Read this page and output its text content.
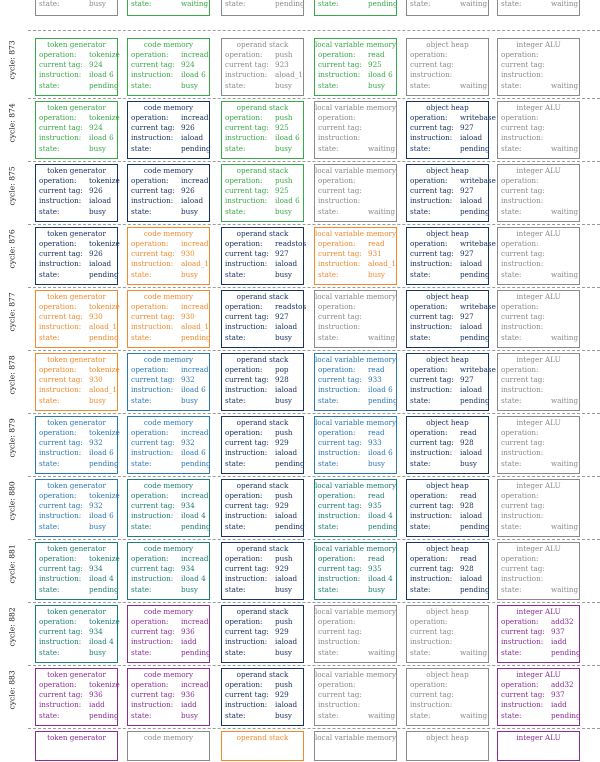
state:	busy	state:	waiting state:	pending state:	pending state:	waiting state:	waiting
cycle: 873	token generator
operation: tokenize
current tag: 924
instruction: iload 6
state:	pending
code memory
operation: incread
current tag: 924
instruction: iload 6
state:	busy
operand stack
operation: push
current tag: 923
instruction: aload_1
state:	busy
local variable memory
operation: read
current tag: 925
instruction: iload 6
state:	busy
object heap
operation:
current tag:
instruction:
state:	waiting
integer ALU
operation:
current tag:
instruction:
state:	waiting
cycle: 874	token generator
operation: tokenize
current tag: 924
instruction: iload 6
state:	busy
code memory
operation: incread
current tag: 926
instruction: iaload
state:	pending
operand stack
operation: push
current tag: 925
instruction: iload 6
state:	busy
local variable memory
operation:
current tag:
instruction:
state:	waiting
object heap
operation: writebase
current tag: 927
instruction: iaload
state:	pending
integer ALU
operation:
current tag:
instruction:
state:	waiting
cycle: 875	token generator
operation: tokenize
current tag: 926
instruction: iaload
state:	busy
code memory
operation: incread
current tag: 926
instruction: iaload
state:	busy
operand stack
operation: push
current tag: 925
instruction: iload 6
state:	busy
local variable memory
operation:
current tag:
instruction:
state:	waiting
object heap
operation: writebase
current tag: 927
instruction: iaload
state:	pending
integer ALU
operation:
current tag:
instruction:
state:	waiting
cycle: 876	token generator
operation: tokenize
current tag: 926
instruction: iaload
state:	pending
code memory
operation: incread
current tag: 930
instruction: aload_1
state:	busy
operand stack
operation: readstos
current tag: 927
instruction: iaload
state:	busy
local variable memory
operation: read
current tag: 931
instruction: aload_1
state:	busy
object heap
operation: writebase
current tag: 927
instruction: iaload
state:	pending
integer ALU
operation:
current tag:
instruction:
state:	waiting
cycle: 877	token generator
operation: tokenize
current tag: 930
instruction: aload_1
state:	pending
code memory
operation: incread
current tag: 930
instruction: aload_1
state:	pending
operand stack
operation: readstos
current tag: 927
instruction: iaload
state:	busy
local variable memory
operation:
current tag:
instruction:
state:	waiting
object heap
operation: writebase
current tag: 927
instruction: iaload
state:	pending
integer ALU
operation:
current tag:
instruction:
state:	waiting
cycle: 878	token generator
operation: tokenize
current tag: 930
instruction: aload_1
state:	busy
code memory
operation: incread
current tag: 932
instruction: iload 6
state:	busy
operand stack
operation: pop
current tag: 928
instruction: iaload
state:	busy
local variable memory
operation: read
current tag: 933
instruction: iload 6
state:	pending
object heap
operation: writebase
current tag: 927
instruction: iaload
state:	pending
integer ALU
operation:
current tag:
instruction:
state:	waiting
cycle: 879	token generator
operation: tokenize
current tag: 932
instruction: iload 6
state:	pending
code memory
operation: incread
current tag: 932
instruction: iload 6
state:	pending
operand stack
operation: push
current tag: 929
instruction: iaload
state:	pending
local variable memory
operation: read
current tag: 933
instruction: iload 6
state:	busy
object heap
operation: read
current tag: 928
instruction: iaload
state:	busy
integer ALU
operation:
current tag:
instruction:
state:	waiting
cycle: 880	token generator
operation: tokenize
current tag: 932
instruction: iload 6
state:	busy
code memory
operation: incread
current tag: 934
instruction: iload 4
state:	pending
operand stack
operation: push
current tag: 929
instruction: iaload
state:	pending
local variable memory
operation: read
current tag: 935
instruction: iload 4
state:	pending
object heap
operation: read
current tag: 928
instruction: iaload
state:	pending
integer ALU
operation:
current tag:
instruction:
state:	waiting
cycle: 881	token generator
operation: tokenize
current tag: 934
instruction: iload 4
state:	pending
code memory
operation: incread
current tag: 934
instruction: iload 4
state:	busy
operand stack
operation: push
current tag: 929
instruction: iaload
state:	busy
local variable memory
operation: read
current tag: 935
instruction: iload 4
state:	busy
object heap
operation: read
current tag: 928
instruction: iaload
state:	pending
integer ALU
operation:
current tag:
instruction:
state:	waiting
cycle: 882	token generator
operation: tokenize
current tag: 934
instruction: iload 4
state:	busy
code memory
operation: incread
current tag: 936
instruction: iadd
state:	pending
operand stack
operation: push
current tag: 929
instruction: iaload
state:	busy
local variable memory
operation:
current tag:
instruction:
state:	waiting
object heap
operation:
current tag:
instruction:
state:	waiting
integer ALU
operation: add32
current tag: 937
instruction: iadd
state:	pending
cycle: 883	token generator
operation: tokenize
current tag: 936
instruction: iadd
state:	pending
code memory
operation: incread
current tag: 936
instruction: iadd
state:	busy
operand stack
operation: push
current tag: 929
instruction: iaload
state:	busy
local variable memory
operation:
current tag:
instruction:
state:	waiting
object heap
operation:
current tag:
instruction:
state:	waiting
integer ALU
operation: add32
current tag: 937
instruction: iadd
state:	pending
token generator	code memory	operand stack	local variable memory	object heap	integer ALU
